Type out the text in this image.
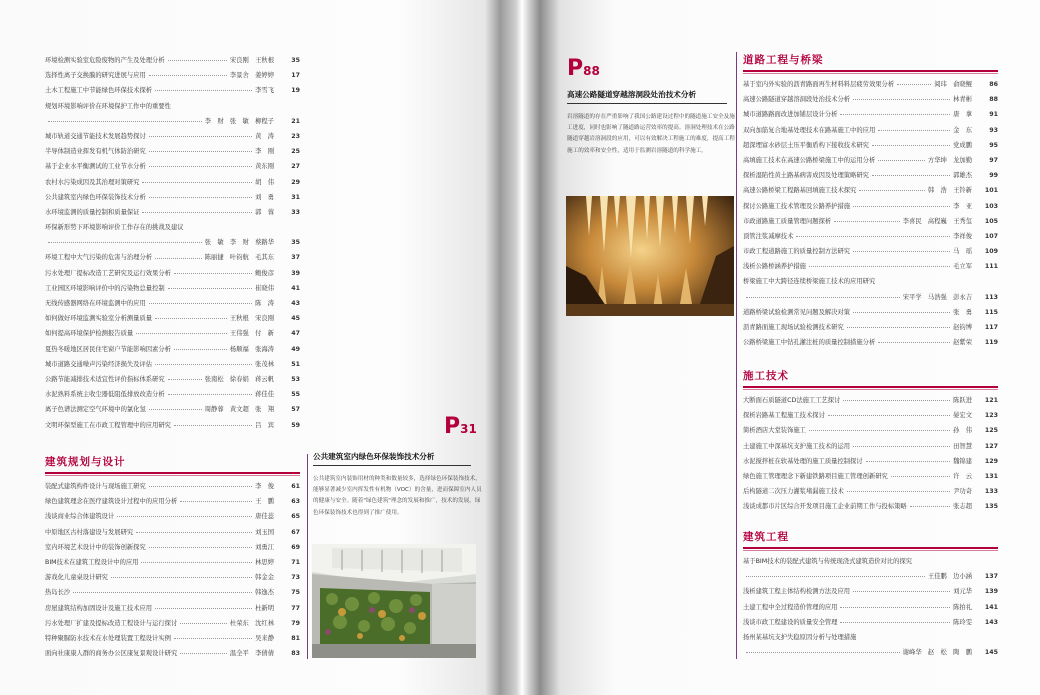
环境检测实验室危险废物的产生及处理分析	宋良刚　王秋根	35
选择性离子交换膜的研究进展与应用	李景舍　姜婷婷	17
土木工程施工中节能绿色环保技术探析	李雪飞	19
规划环境影响评价在环境保护工作中的重要性
李　财　张　敏　柳程子	21
城市轨道交通节能技术发展趋势探讨	黄　涛	23
半导体制造业挥发有机气体防治研究	李　刚	25
基于企业水平衡测试的工业节水分析	黄东刚	27
农村水污染成因及其治理对策研究	胡　伟	29
公共建筑室内绿色环保装饰技术分析	刘　勇	31
水环境监测的质量控制和质量保证	郭　蓉	33
环保新形势下环境影响评价工作存在的挑战及建议
张　敏　李　财　蔡路华	35
环境工程中大气污染的危害与治理分析	陈丽捷　叶钧航　毛其东	37
污水处理厂提标改造工艺研究及运行效果分析	鲍俊彦	39
工业园区环境影响评价中的污染物总量控制	崔晓伟	41
无线传感器网络在环境监测中的应用	陈　涛	43
如何做好环境监测实验室分析测量质量	王秋根　宋良刚	45
如何提高环境保护检测报告质量	王伟强　付　新	47
夏热冬暖地区居民住宅窗户节能影响因素分析	杨顺福　张海涛	49
城市道路交通噪声污染经济损失及评估	张茂林	51
公路节能减排技术适宜性评价指标体系研究	张南松　徐春娟　蒋云帆	53
水泥熟料系统主收尘器低阻低排放改造分析	蒋佳佳	55
离子色谱法测定空气环境中的氯化氢	周静蓉　黄文超　张　翔	57
文明环保型施工在市政工程管理中的应用研究	吕　宾	59
建筑规划与设计
装配式建筑构件设计与现场施工研究	李　俊	61
绿色建筑理念在医疗建筑设计过程中的应用分析	王　鹏	63
浅谈商业综合体建筑设计	唐佳蕊	65
中原地区古村落建设与发展研究	刘玉国	67
室内环境艺术设计中的装饰创新探究	刘勇江	69
BIM技术在建筑工程设计中的应用	林思婷	71
游戏化儿童桌设计研究	韩金金	73
热岛长沙	韩逸杰	75
房屋建筑结构加固设计及施工技术应用	杜新明	77
污水处理厂扩建及提标改造工程设计与运行探讨	杜荣东　沈红林	79
特种聚脲防水技术在水处理装置工程设计实例	吴来静	81
面向社康康人群的商务办公区康复景观设计研究	温全平　李倩倩	83
P31
公共建筑室内绿色环保装饰技术分析
公共建筑室内装饰用材的种类和数量较多，选择绿色环保装饰技术，能够显著减少室内挥发性有机物（VOC）的含量，进而保障室内人员的健康与安全。随着"绿色建筑"理念的发展和推广，技术的发展，绿色环保装饰技术也得到了推广使用。
P88
高速公路隧道穿越溶洞段处治技术分析
岩溶隧道的存在严重影响了我国公路建设过程中的隧道施工安全及施工进度，同时也影响了隧道路运营效率的提高。溶洞处理技术在公路隧道穿越岩溶洞段的应用，可以有效解决工程施工的难度，提高工程施工的效率和安全性，适用于监测岩溶隧道的科学施工。
道路工程与桥梁
基于室内外实验的沥青路面再生材料料层疲劳效果分析	阅玮　俞晓鲲	86
高速公路隧道穿越溶洞段处治技术分析	林青彬	88
城市道路路面改进加铺层设计分析	唐　拿	91
双向加筋复合地基处理技术在路基施工中的应用	金　东	93
超深埋富水砂层土压平衡盾构下接收技术研究	党成鹏	95
高填施工技术在高速公路桥梁施工中的运用分析	方华坤　龙加勤	97
探析湿陷性黄土路基病害成因及处理策略研究	郭雄杰	99
高速公路桥梁工程路基回填施工技术探究	韩　浩　王铃新	101
探讨公路施工技术管理及公路养护措施	李　亚	103
市政道路施工质量管理问题探析	李喜民　高程巍　王秀玺	105
顶管注浆减摩技术	李祥俊	107
市政工程道路施工的质量控制方法研究	马　瑶	109
浅析公路桥涵养护措施	毛立军	111
桥梁施工中大跨径连续桥梁施工技术的应用研究
宋平学　马浩强　彭永吉	113
道路桥梁试验检测常见问题及解决对策	张　勇	115
沥青路面施工现场试验检测技术研究	赵钧博	117
公路桥梁施工中钻孔灌注桩的质量控制措施分析	赵紫荣	119
施工技术
大断面石质隧道CD法施工工艺探讨	陈跃进	121
探析岩路基工程施工技术探讨	晏宏文	123
简析酒店大堂装饰施工	孙　伟	125
土建施工中深基坑支护施工技术的运用	田智慧	127
水泥搅拌桩在软基处理的施工质量控制探讨	魏锦建	129
绿色施工管理理念下新建铁路项目施工管理创新研究	许　云	131
后构隧道二次压力灌浆堵漏施工技术	尹功奇	133
浅谈成都市片区综合开发项目施工企业前期工作与投标策略	张志超	135
建筑工程
基于BIM技术的装配式建筑与传统现浇式建筑造价对比的探究
王佳鹏　边小涵	137
浅析建筑工程主体结构检测方法及应用	刘元华	139
土建工程中全过程造价管理的应用	陈拍礼	141
浅谈市政工程建设的质量安全管理	陈玲雯	143
扬州某基坑支护失稳原因分析与处理措施
谢峰华　赵　松　陶　鹏	145
